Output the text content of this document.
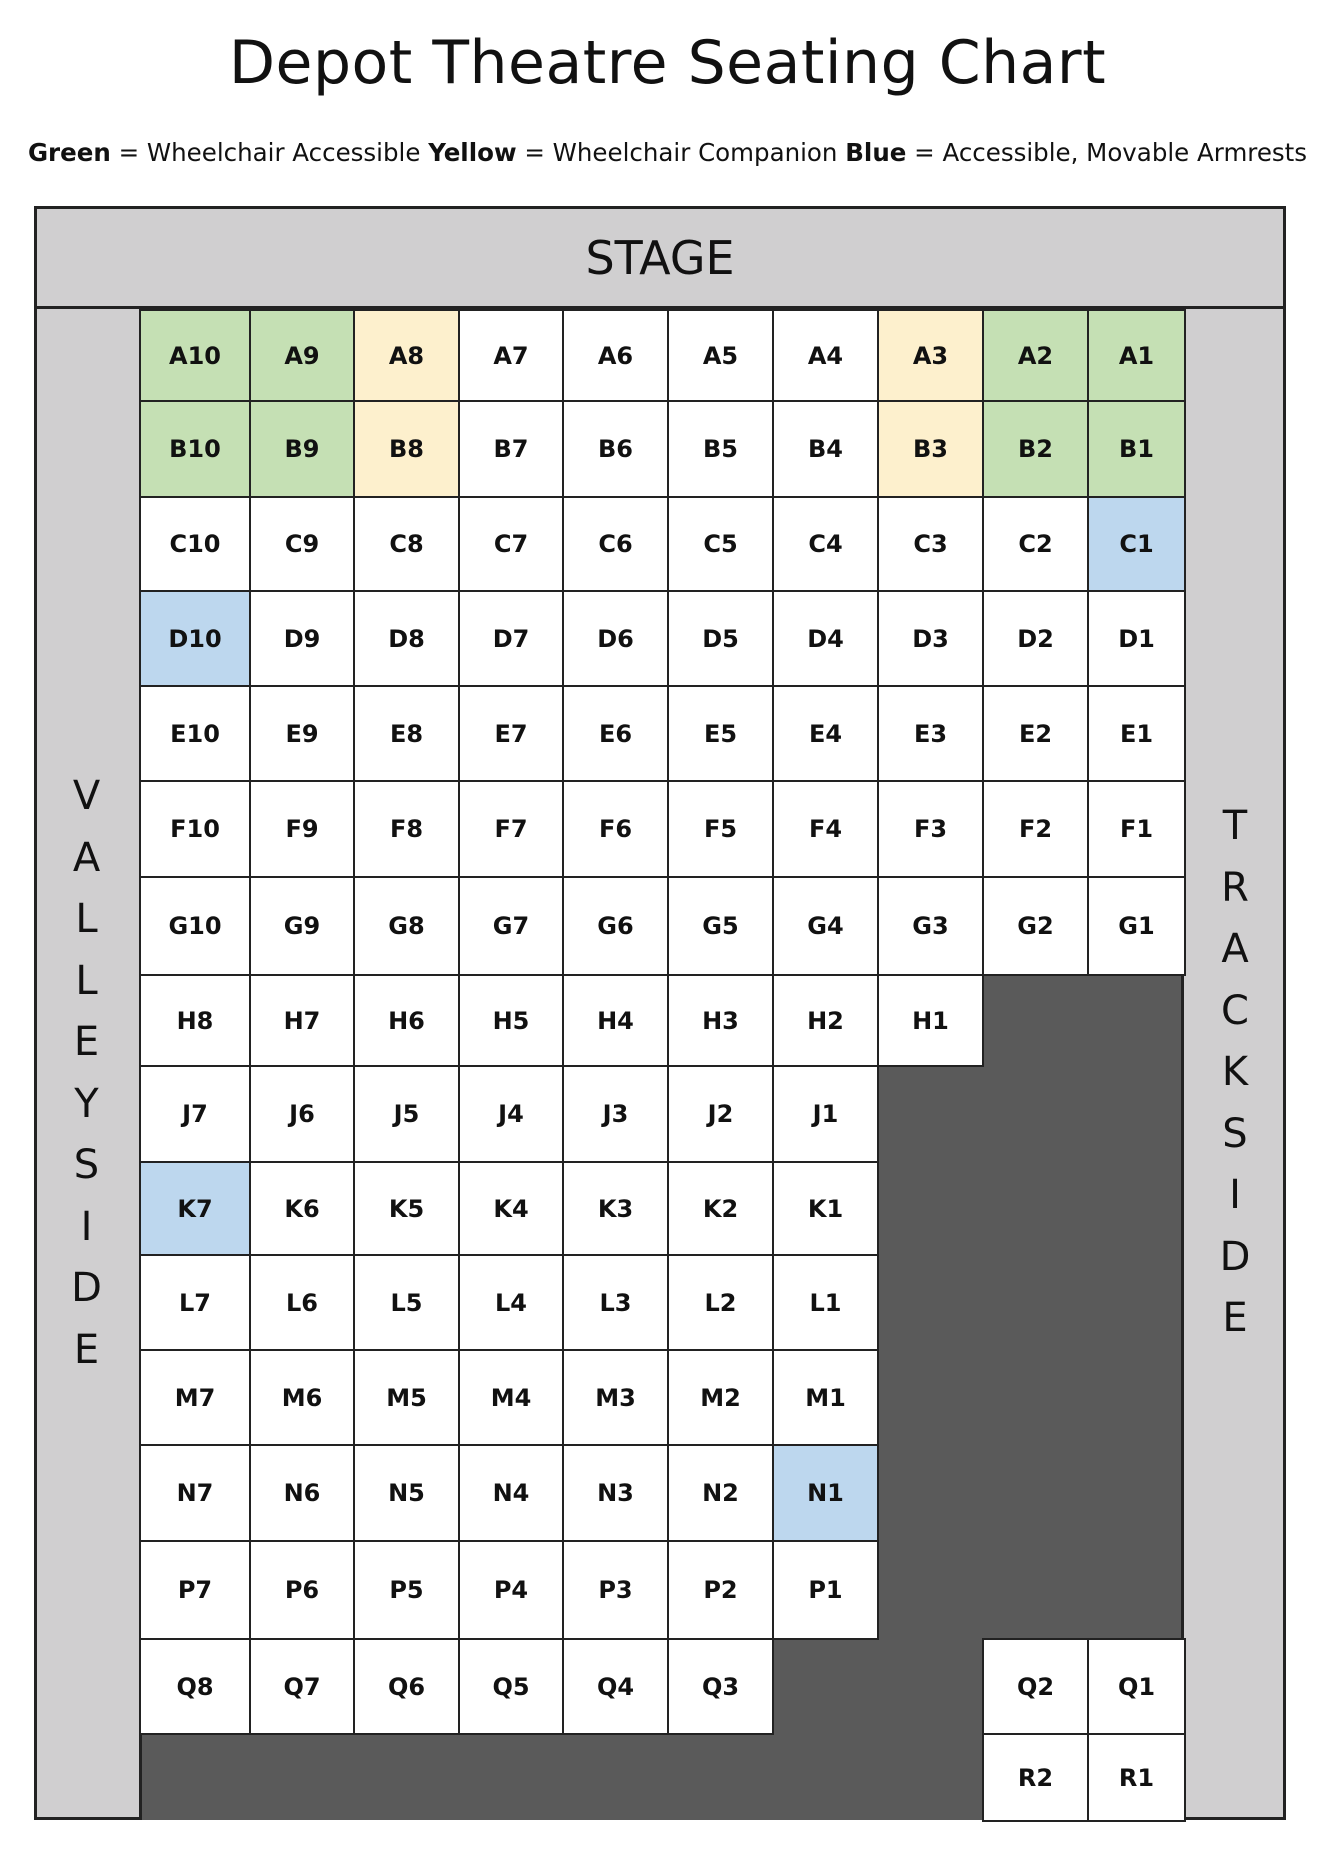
Depot Theatre Seating Chart
Green = Wheelchair Accessible Yellow = Wheelchair Companion Blue = Accessible, Movable Armrests
STAGE
V
A
L
L
E
Y
S
I
D
E
T
R
A
C
K
S
I
D
E
A10	A9	A8	A7	A6	A5	A4	A3	A2	A1
B10	B9	B8	B7	B6	B5	B4	B3	B2	B1
C10	C9	C8	C7	C6	C5	C4	C3	C2	C1
D10	D9	D8	D7	D6	D5	D4	D3	D2	D1
E10	E9	E8	E7	E6	E5	E4	E3	E2	E1
F10	F9	F8	F7	F6	F5	F4	F3	F2	F1
G10	G9	G8	G7	G6	G5	G4	G3	G2	G1
H8	H7	H6	H5	H4	H3	H2	H1
J7	J6	J5	J4	J3	J2	J1
K7	K6	K5	K4	K3	K2	K1
L7	L6	L5	L4	L3	L2	L1
M7	M6	M5	M4	M3	M2	M1
N7	N6	N5	N4	N3	N2	N1
P7	P6	P5	P4	P3	P2	P1
Q8	Q7	Q6	Q5	Q4	Q3	Q2	Q1
R2	R1
